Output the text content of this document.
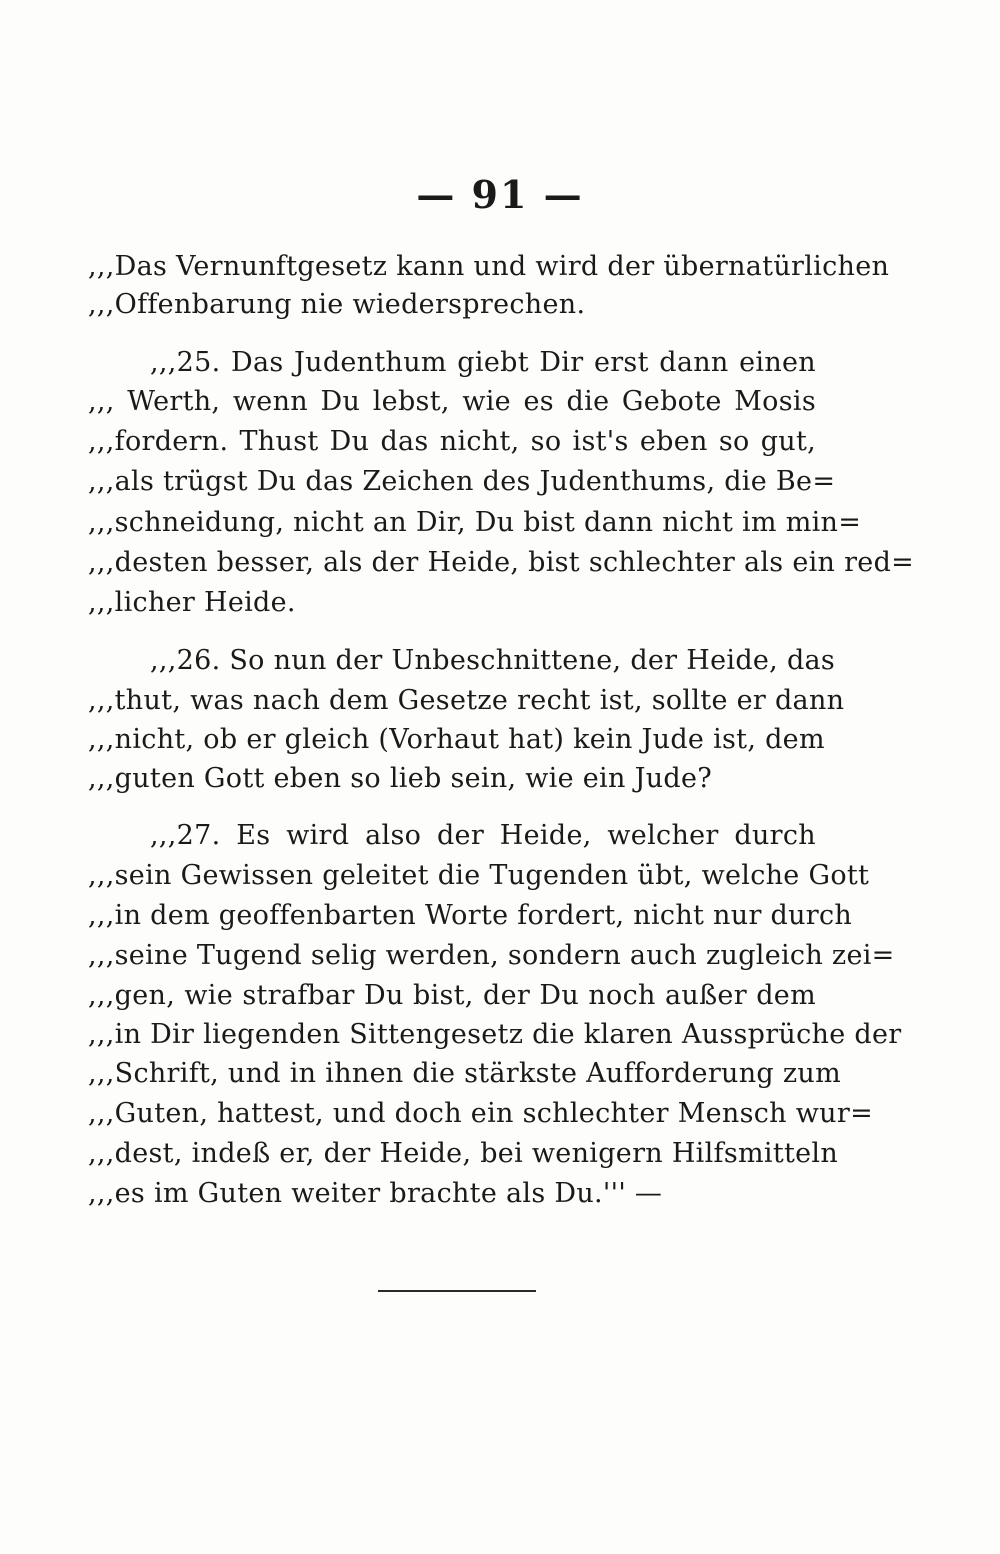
— 91 —
,,,Das Vernunftgesetz kann und wird der übernatürlichen
,,,Offenbarung nie wiedersprechen.
,,,25. Das Judenthum giebt Dir erst dann einen
,,, Werth, wenn Du lebst, wie es die Gebote Mosis
,,,fordern. Thust Du das nicht, so ist's eben so gut,
,,,als trügst Du das Zeichen des Judenthums, die Be=
,,,schneidung, nicht an Dir, Du bist dann nicht im min=
,,,desten besser, als der Heide, bist schlechter als ein red=
,,,licher Heide.
,,,26. So nun der Unbeschnittene, der Heide, das
,,,thut, was nach dem Gesetze recht ist, sollte er dann
,,,nicht, ob er gleich (Vorhaut hat) kein Jude ist, dem
,,,guten Gott eben so lieb sein, wie ein Jude?
,,,27. Es wird also der Heide, welcher durch
,,,sein Gewissen geleitet die Tugenden übt, welche Gott
,,,in dem geoffenbarten Worte fordert, nicht nur durch
,,,seine Tugend selig werden, sondern auch zugleich zei=
,,,gen, wie strafbar Du bist, der Du noch außer dem
,,,in Dir liegenden Sittengesetz die klaren Aussprüche der
,,,Schrift, und in ihnen die stärkste Aufforderung zum
,,,Guten, hattest, und doch ein schlechter Mensch wur=
,,,dest, indeß er, der Heide, bei wenigern Hilfsmitteln
,,,es im Guten weiter brachte als Du.''' —
